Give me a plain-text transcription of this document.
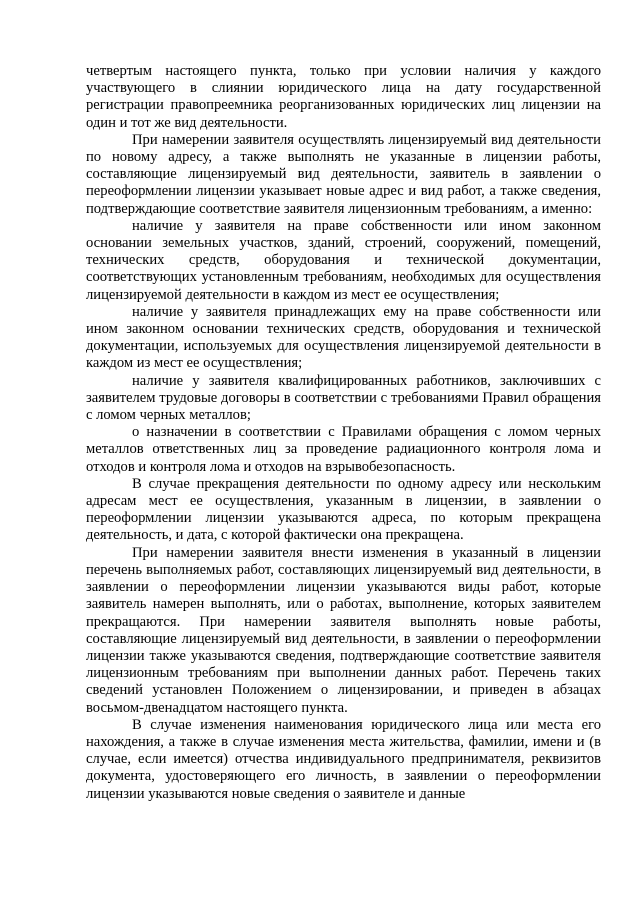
четвертым настоящего пункта, только при условии наличия у каждого участвующего в слиянии юридического лица на дату государственной регистрации правопреемника реорганизованных юридических лиц лицензии на один и тот же вид деятельности.

При намерении заявителя осуществлять лицензируемый вид деятельности по новому адресу, а также выполнять не указанные в лицензии работы, составляющие лицензируемый вид деятельности, заявитель в заявлении о переоформлении лицензии указывает новые адрес и вид работ, а также сведения, подтверждающие соответствие заявителя лицензионным требованиям, а именно:

наличие у заявителя на праве собственности или ином законном основании земельных участков, зданий, строений, сооружений, помещений, технических средств, оборудования и технической документации, соответствующих установленным требованиям, необходимых для осуществления лицензируемой деятельности в каждом из мест ее осуществления;

наличие у заявителя принадлежащих ему на праве собственности или ином законном основании технических средств, оборудования и технической документации, используемых для осуществления лицензируемой деятельности в каждом из мест ее осуществления;

наличие у заявителя квалифицированных работников, заключивших с заявителем трудовые договоры в соответствии с требованиями Правил обращения с ломом черных металлов;

о назначении в соответствии с Правилами обращения с ломом черных металлов ответственных лиц за проведение радиационного контроля лома и отходов и контроля лома и отходов на взрывобезопасность.

В случае прекращения деятельности по одному адресу или нескольким адресам мест ее осуществления, указанным в лицензии, в заявлении о переоформлении лицензии указываются адреса, по которым прекращена деятельность, и дата, с которой фактически она прекращена.

При намерении заявителя внести изменения в указанный в лицензии перечень выполняемых работ, составляющих лицензируемый вид деятельности, в заявлении о переоформлении лицензии указываются виды работ, которые заявитель намерен выполнять, или о работах, выполнение, которых заявителем прекращаются. При намерении заявителя выполнять новые работы, составляющие лицензируемый вид деятельности, в заявлении о переоформлении лицензии также указываются сведения, подтверждающие соответствие заявителя лицензионным требованиям при выполнении данных работ. Перечень таких сведений установлен Положением о лицензировании, и приведен в абзацах восьмом-двенадцатом настоящего пункта.

В случае изменения наименования юридического лица или места его нахождения, а также в случае изменения места жительства, фамилии, имени и (в случае, если имеется) отчества индивидуального предпринимателя, реквизитов документа, удостоверяющего его личность, в заявлении о переоформлении лицензии указываются новые сведения о заявителе и данные
